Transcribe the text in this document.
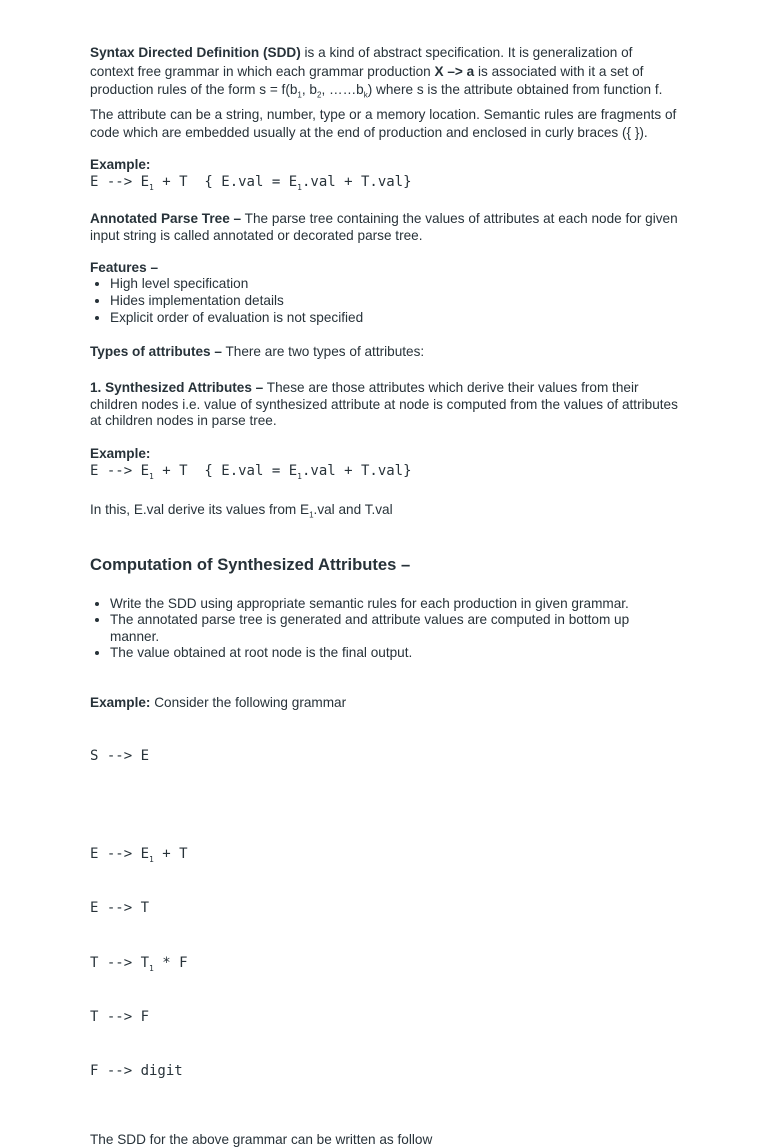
Syntax Directed Definition (SDD) is a kind of abstract specification. It is generalization of context free grammar in which each grammar production X –> a is associated with it a set of production rules of the form $s = f(b_1$, $b_2$, $\dots\dots b_k$) where s is the attribute obtained from function f. The attribute can be a string, number, type or a memory location. Semantic rules are fragments of code which are embedded usually at the end of production and enclosed in curly braces ({ }).

Example:

E --> $E_1 + T$  { $E.val = E_1.val + T.val$}

Annotated Parse Tree – The parse tree containing the values of attributes at each node for given input string is called annotated or decorated parse tree.

Features –

• High level specification
• Hides implementation details
• Explicit order of evaluation is not specified

Types of attributes – There are two types of attributes:

1. Synthesized Attributes – These are those attributes which derive their values from their children nodes i.e. value of synthesized attribute at node is computed from the values of attributes at children nodes in parse tree.

Example:

E --> $E_1 + T$  { $E.val = E_1.val + T.val$}

In this, E.val derive its values from $E_1.val$ and T.val

Computation of Synthesized Attributes –
• Write the SDD using appropriate semantic rules for each production in given grammar.
• The annotated parse tree is generated and attribute values are computed in bottom up manner.
• The value obtained at root node is the final output.

Example: Consider the following grammar

S --> E

E --> $E_1 + T$

E --> T

T --> $T_1$ * F

T --> F

F --> digit

The SDD for the above grammar can be written as follow
